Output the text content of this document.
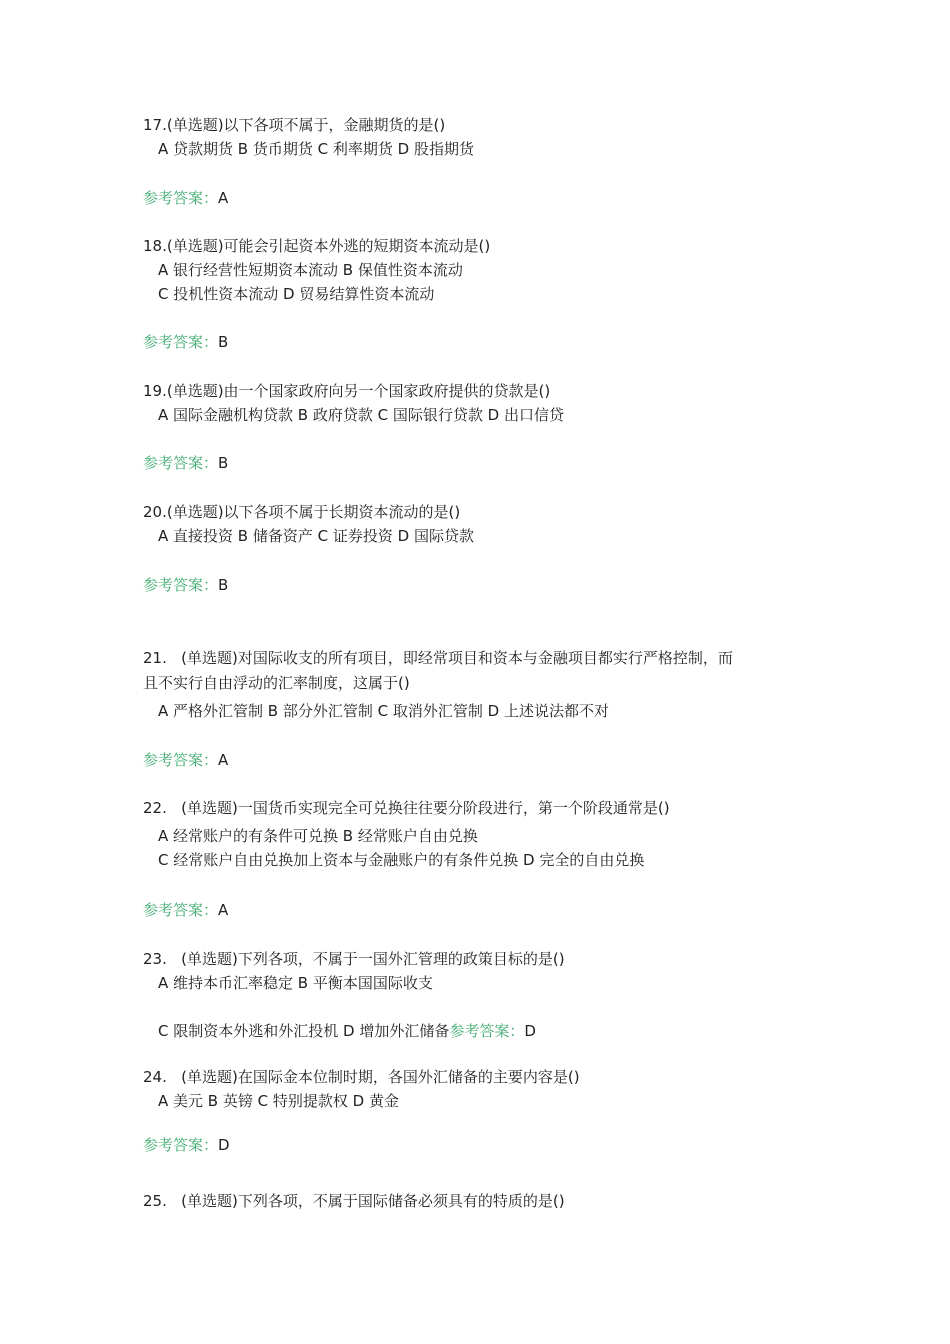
17.(单选题)以下各项不属于，金融期货的是()
A 贷款期货 B 货币期货 C 利率期货 D 股指期货
参考答案：A
18.(单选题)可能会引起资本外逃的短期资本流动是()
A 银行经营性短期资本流动 B 保值性资本流动
C 投机性资本流动 D 贸易结算性资本流动
参考答案：B
19.(单选题)由一个国家政府向另一个国家政府提供的贷款是()
A 国际金融机构贷款 B 政府贷款 C 国际银行贷款 D 出口信贷
参考答案：B
20.(单选题)以下各项不属于长期资本流动的是()
A 直接投资 B 储备资产 C 证券投资 D 国际贷款
参考答案：B
21.   (单选题)对国际收支的所有项目，即经常项目和资本与金融项目都实行严格控制，而
且不实行自由浮动的汇率制度，这属于()
A 严格外汇管制 B 部分外汇管制 C 取消外汇管制 D 上述说法都不对
参考答案：A
22.   (单选题)一国货币实现完全可兑换往往要分阶段进行，第一个阶段通常是()
A 经常账户的有条件可兑换 B 经常账户自由兑换
C 经常账户自由兑换加上资本与金融账户的有条件兑换 D 完全的自由兑换
参考答案：A
23.   (单选题)下列各项，不属于一国外汇管理的政策目标的是()
A 维持本币汇率稳定 B 平衡本国国际收支
C 限制资本外逃和外汇投机 D 增加外汇储备参考答案：D
24.   (单选题)在国际金本位制时期，各国外汇储备的主要内容是()
A 美元 B 英镑 C 特别提款权 D 黄金
参考答案：D
25.   (单选题)下列各项，不属于国际储备必须具有的特质的是()
